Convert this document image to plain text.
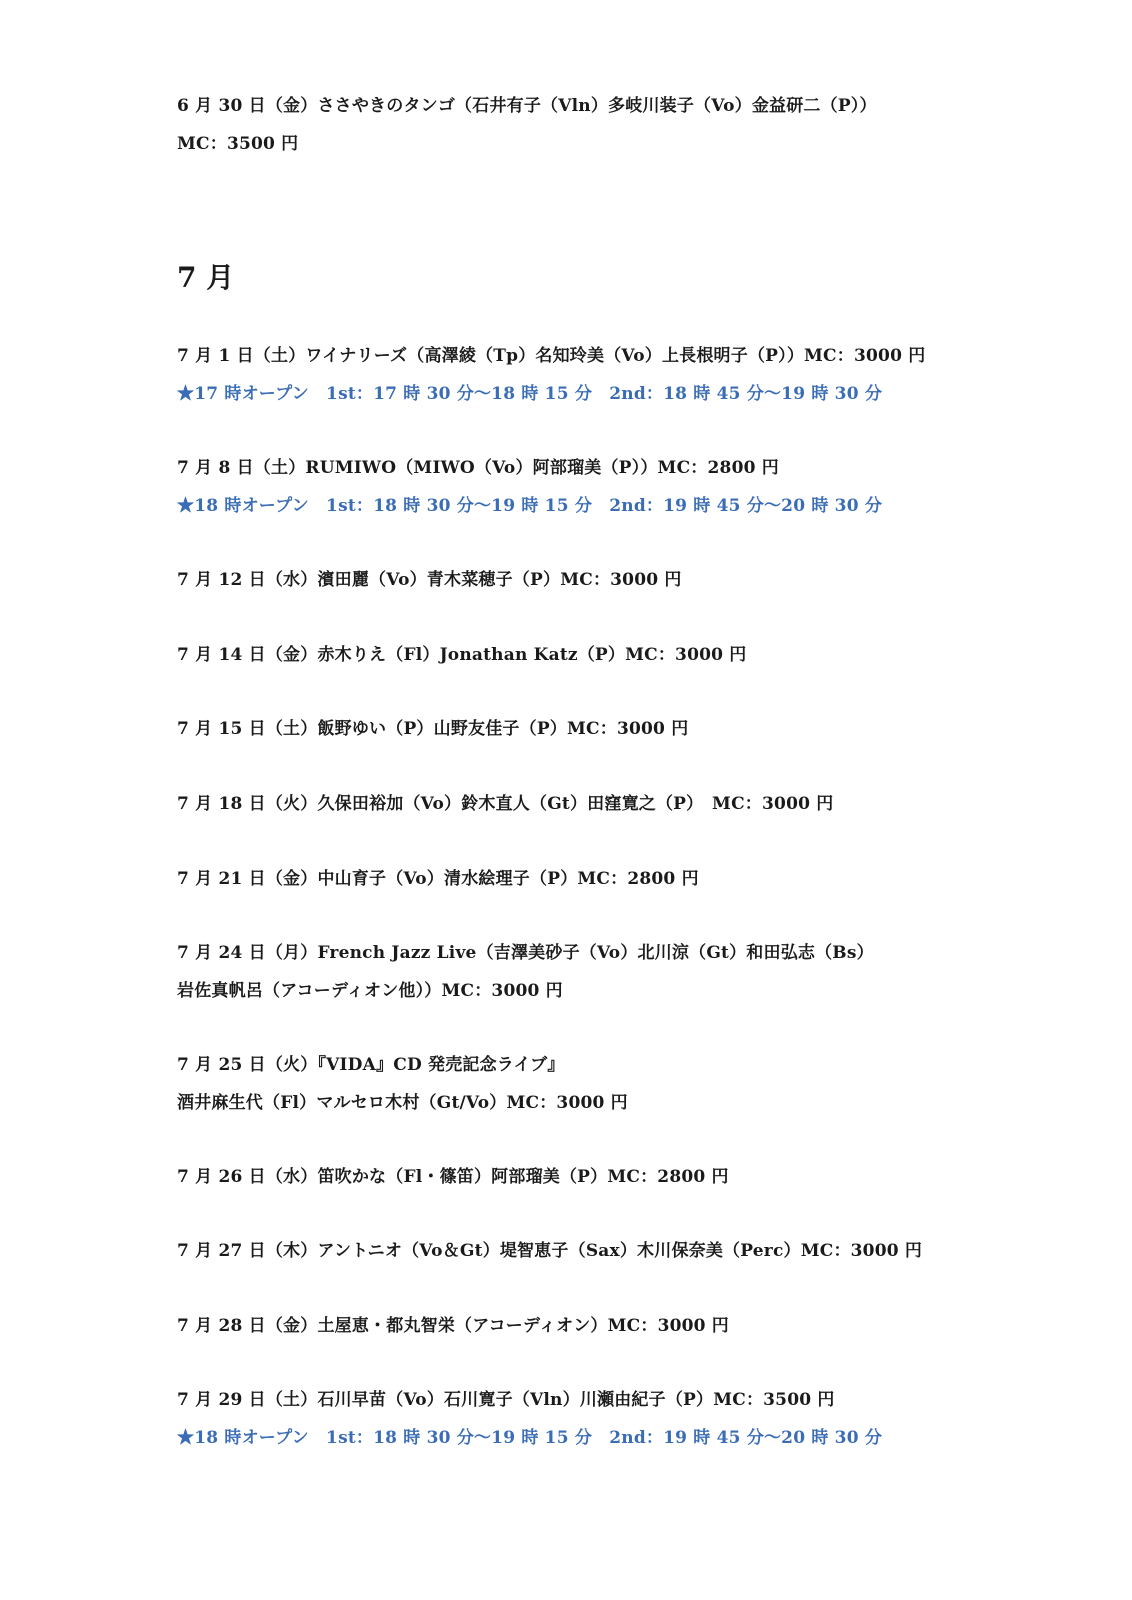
6 月 30 日（金）ささやきのタンゴ（石井有子（Vln）多岐川装子（Vo）金益研二（P））
MC：3500 円
7 月
7 月 1 日（土）ワイナリーズ（高澤綾（Tp）名知玲美（Vo）上長根明子（P））MC：3000 円
★17 時オープン　1st：17 時 30 分〜18 時 15 分　2nd：18 時 45 分〜19 時 30 分
7 月 8 日（土）RUMIWO（MIWO（Vo）阿部瑠美（P））MC：2800 円
★18 時オープン　1st：18 時 30 分〜19 時 15 分　2nd：19 時 45 分〜20 時 30 分
7 月 12 日（水）濱田麗（Vo）青木菜穂子（P）MC：3000 円
7 月 14 日（金）赤木りえ（Fl）Jonathan Katz（P）MC：3000 円
7 月 15 日（土）飯野ゆい（P）山野友佳子（P）MC：3000 円
7 月 18 日（火）久保田裕加（Vo）鈴木直人（Gt）田窪寛之（P）　MC：3000 円
7 月 21 日（金）中山育子（Vo）清水絵理子（P）MC：2800 円
7 月 24 日（月）French Jazz Live（吉澤美砂子（Vo）北川涼（Gt）和田弘志（Bs）
岩佐真帆呂（アコーディオン他））MC：3000 円
7 月 25 日（火）『VIDA』CD 発売記念ライブ』
酒井麻生代（Fl）マルセロ木村（Gt/Vo）MC：3000 円
7 月 26 日（水）笛吹かな（Fl・篠笛）阿部瑠美（P）MC：2800 円
7 月 27 日（木）アントニオ（Vo＆Gt）堤智恵子（Sax）木川保奈美（Perc）MC：3000 円
7 月 28 日（金）土屋恵・都丸智栄（アコーディオン）MC：3000 円
7 月 29 日（土）石川早苗（Vo）石川寛子（Vln）川瀬由紀子（P）MC：3500 円
★18 時オープン　1st：18 時 30 分〜19 時 15 分　2nd：19 時 45 分〜20 時 30 分
